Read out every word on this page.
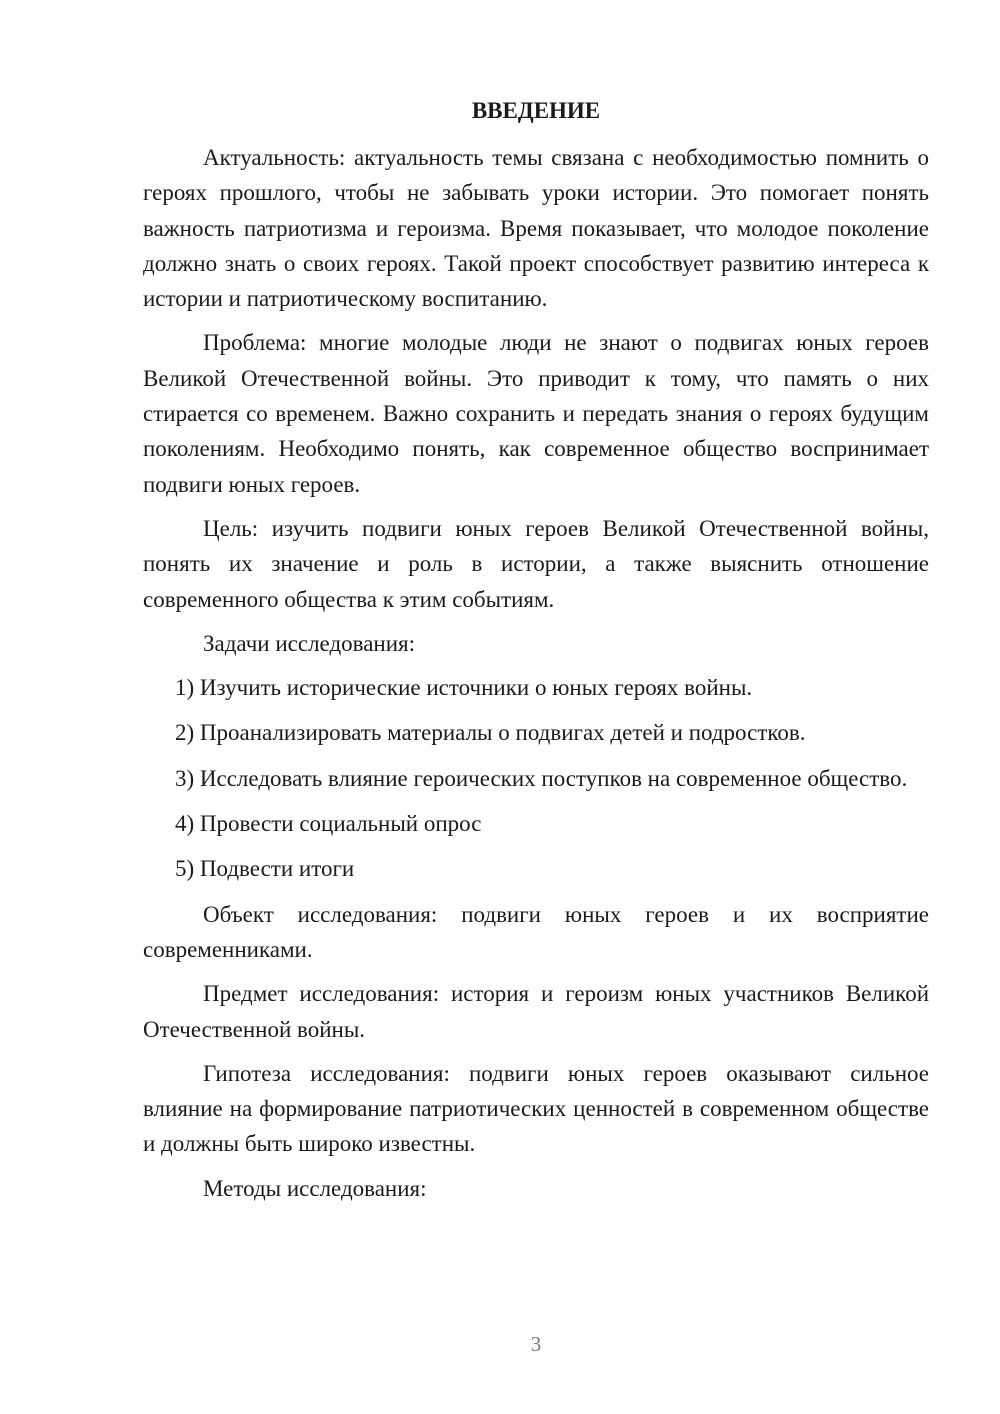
ВВЕДЕНИЕ

Актуальность: актуальность темы связана с необходимостью помнить о героях прошлого, чтобы не забывать уроки истории. Это помогает понять важность патриотизма и героизма. Время показывает, что молодое поколение должно знать о своих героях. Такой проект способствует развитию интереса к истории и патриотическому воспитанию.

Проблема: многие молодые люди не знают о подвигах юных героев Великой Отечественной войны. Это приводит к тому, что память о них стирается со временем. Важно сохранить и передать знания о героях будущим поколениям. Необходимо понять, как современное общество воспринимает подвиги юных героев.

Цель: изучить подвиги юных героев Великой Отечественной войны, понять их значение и роль в истории, а также выяснить отношение современного общества к этим событиям.

Задачи исследования:

1) Изучить исторические источники о юных героях войны.

2) Проанализировать материалы о подвигах детей и подростков.

3) Исследовать влияние героических поступков на современное общество.

4) Провести социальный опрос

5) Подвести итоги

Объект исследования: подвиги юных героев и их восприятие современниками.

Предмет исследования: история и героизм юных участников Великой Отечественной войны.

Гипотеза исследования: подвиги юных героев оказывают сильное влияние на формирование патриотических ценностей в современном обществе и должны быть широко известны.

Методы исследования:

3
